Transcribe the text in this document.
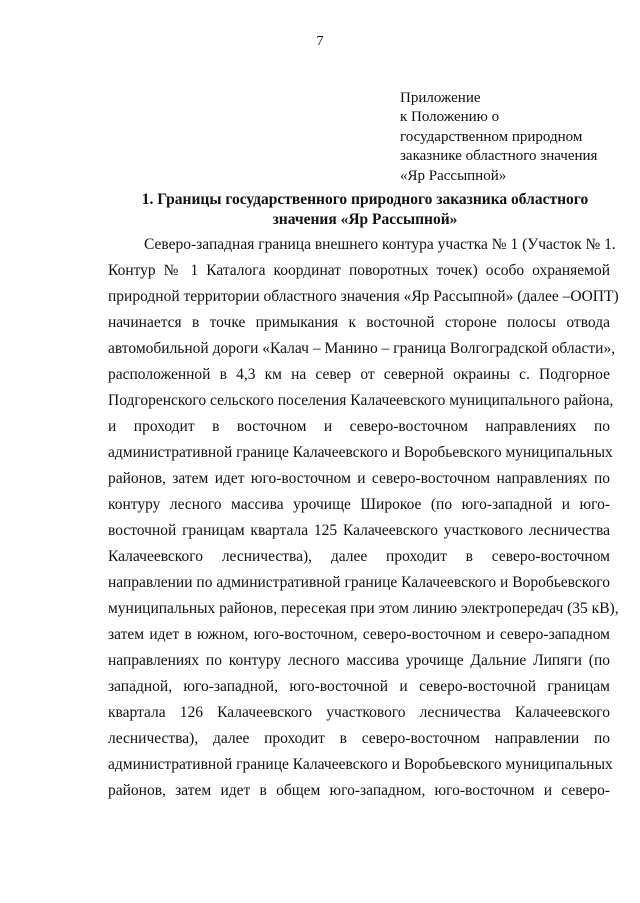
7
Приложение
к Положению о
государственном природном
заказнике областного значения
«Яр Рассыпной»
1. Границы государственного природного заказника областного
значения «Яр Рассыпной»
Северо-западная граница внешнего контура участка № 1 (Участок № 1.
Контур № 1 Каталога координат поворотных точек) особо охраняемой
природной территории областного значения «Яр Рассыпной» (далее –ООПТ)
начинается в точке примыкания к восточной стороне полосы отвода
автомобильной дороги «Калач – Манино – граница Волгоградской области»,
расположенной в 4,3 км на север от северной окраины с. Подгорное
Подгоренского сельского поселения Калачеевского муниципального района,
и проходит в восточном и северо-восточном направлениях по
административной границе Калачеевского и Воробьевского муниципальных
районов, затем идет юго-восточном и северо-восточном направлениях по
контуру лесного массива урочище Широкое (по юго-западной и юго-
восточной границам квартала 125 Калачеевского участкового лесничества
Калачеевского лесничества), далее проходит в северо-восточном
направлении по административной границе Калачеевского и Воробьевского
муниципальных районов, пересекая при этом линию электропередач (35 кВ),
затем идет в южном, юго-восточном, северо-восточном и северо-западном
направлениях по контуру лесного массива урочище Дальние Липяги (по
западной, юго-западной, юго-восточной и северо-восточной границам
квартала 126 Калачеевского участкового лесничества Калачеевского
лесничества), далее проходит в северо-восточном направлении по
административной границе Калачеевского и Воробьевского муниципальных
районов, затем идет в общем юго-западном, юго-восточном и северо-
